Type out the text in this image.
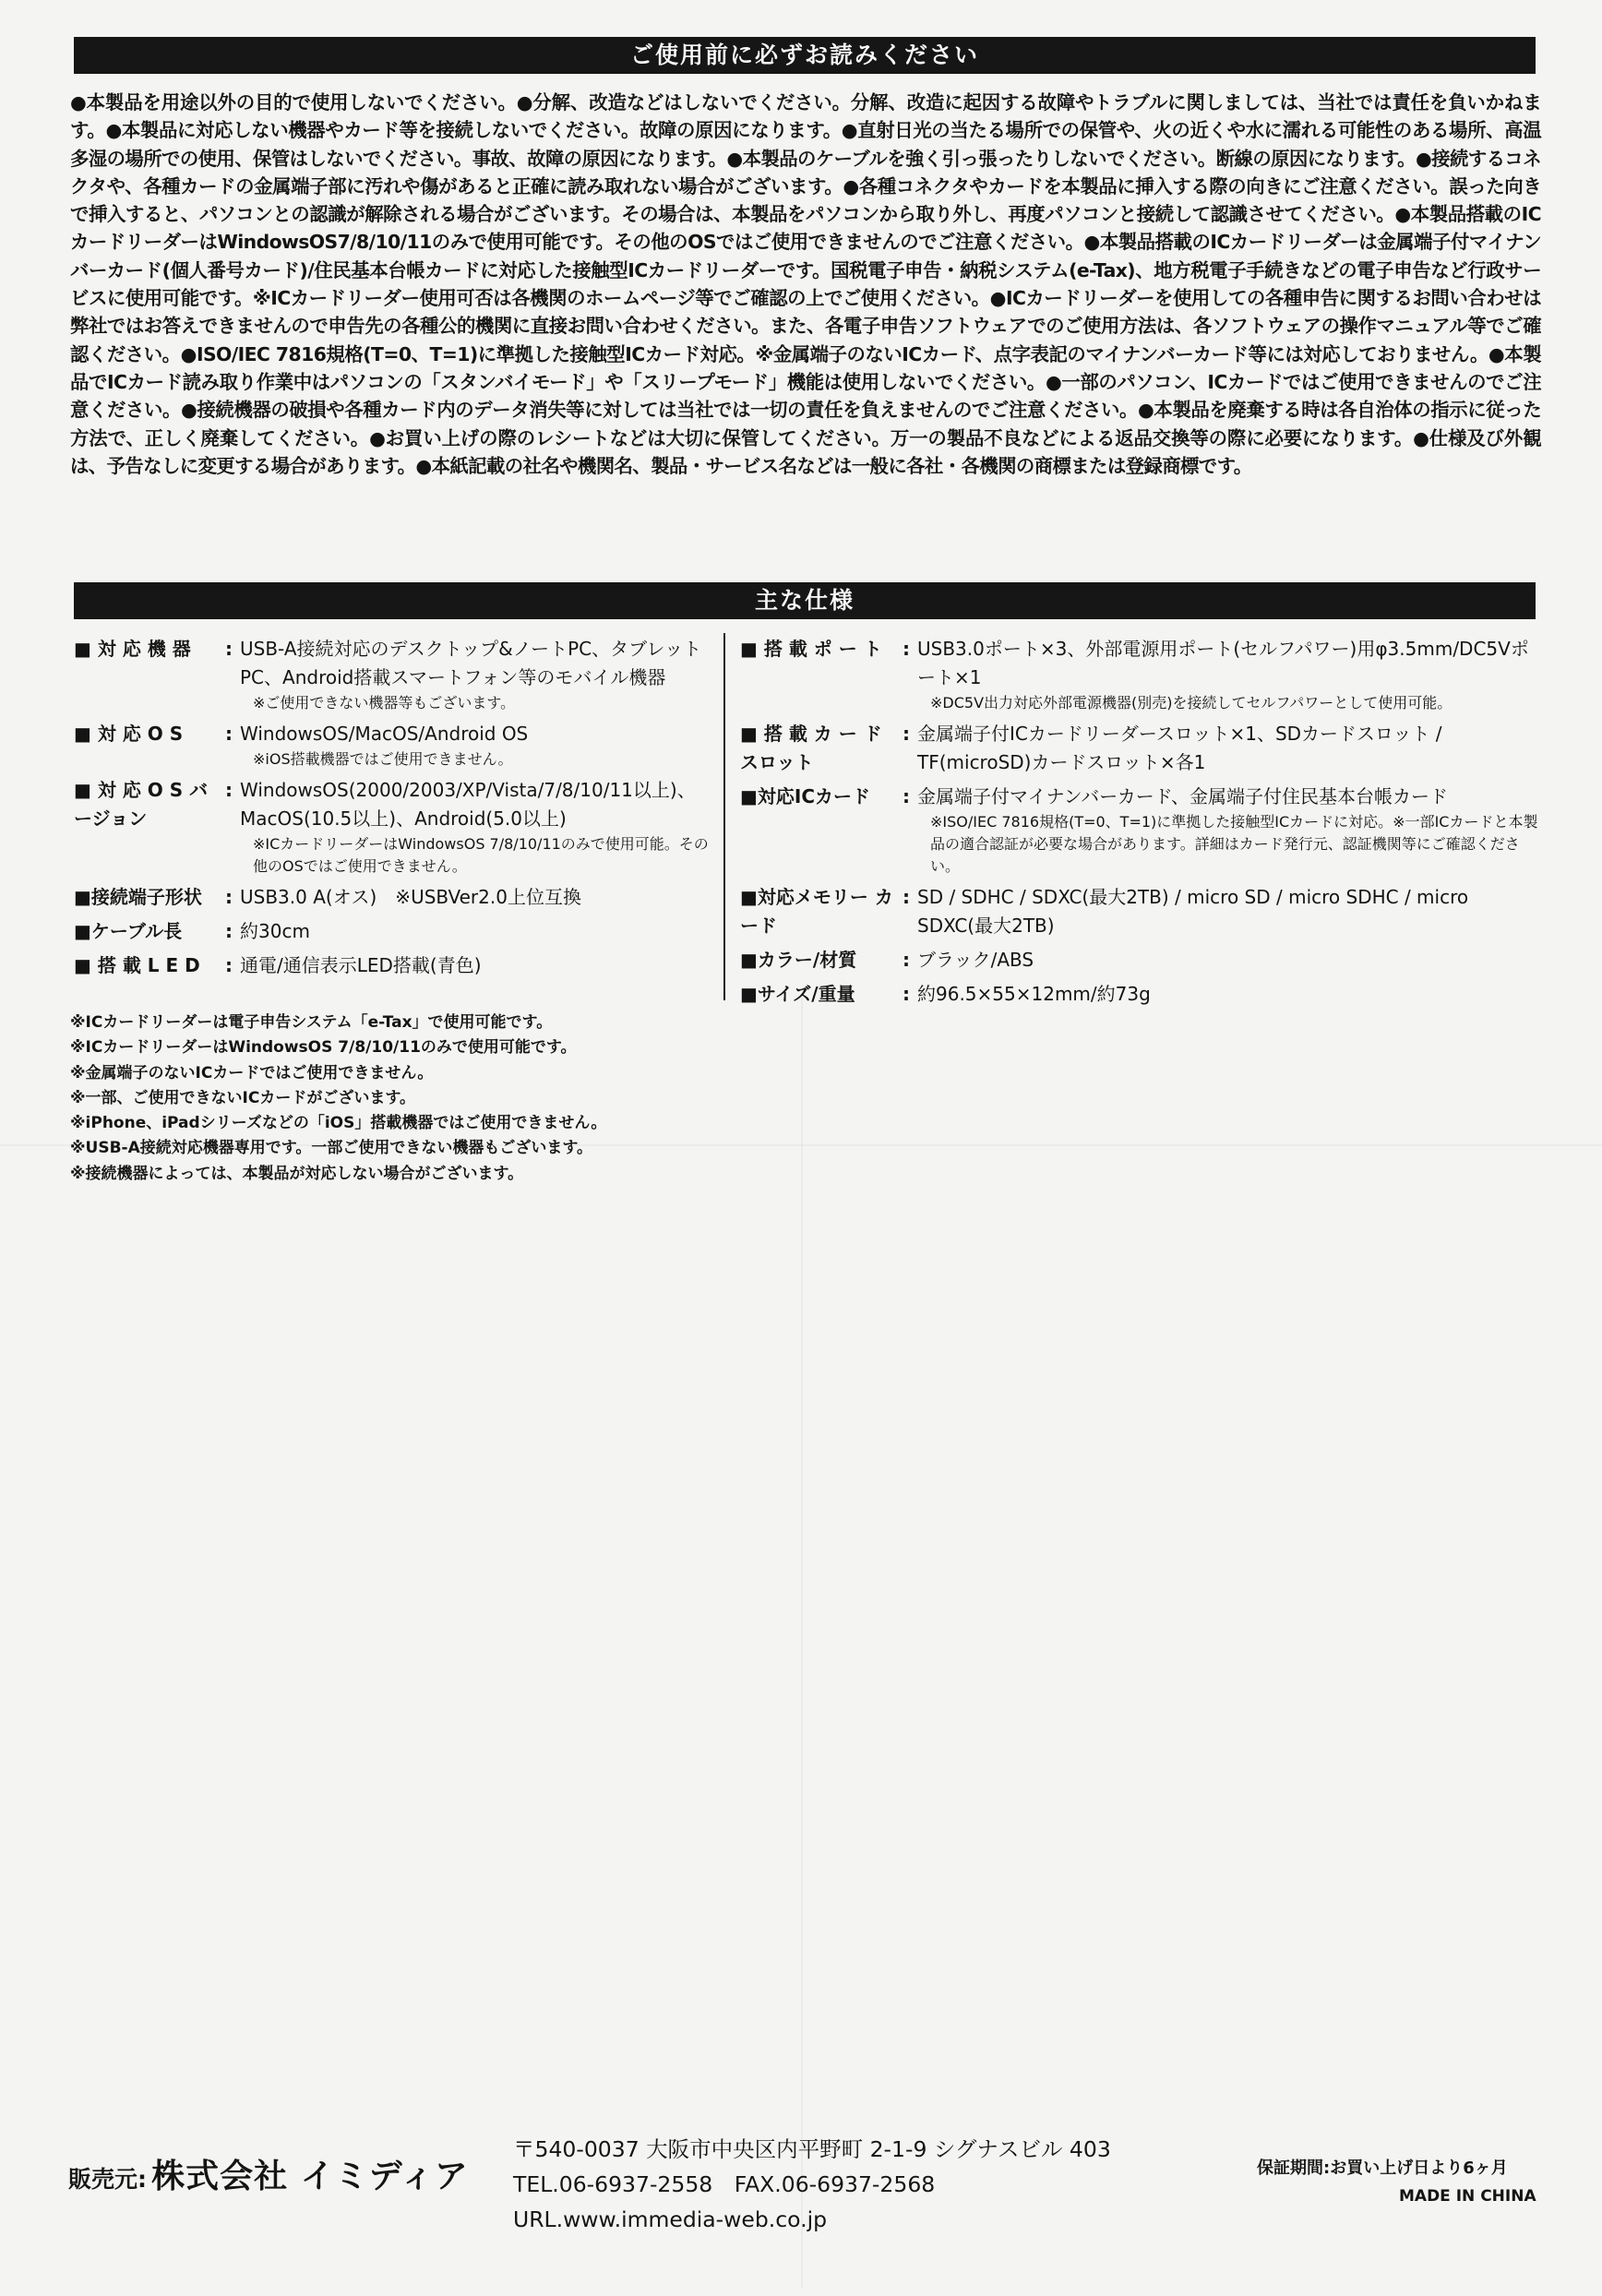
ご使用前に必ずお読みください

●本製品を用途以外の目的で使用しないでください。●分解、改造などはしないでください。分解、改造に起因する故障やトラブルに関しましては、当社では責任を負いかねます。●本製品に対応しない機器やカード等を接続しないでください。故障の原因になります。●直射日光の当たる場所での保管や、火の近くや水に濡れる可能性のある場所、高温多湿の場所での使用、保管はしないでください。事故、故障の原因になります。●本製品のケーブルを強く引っ張ったりしないでください。断線の原因になります。●接続するコネクタや、各種カードの金属端子部に汚れや傷があると正確に読み取れない場合がございます。●各種コネクタやカードを本製品に挿入する際の向きにご注意ください。誤った向きで挿入すると、パソコンとの認識が解除される場合がございます。その場合は、本製品をパソコンから取り外し、再度パソコンと接続して認識させてください。●本製品搭載のICカードリーダーはWindowsOS7/8/10/11のみで使用可能です。その他のOSではご使用できませんのでご注意ください。●本製品搭載のICカードリーダーは金属端子付マイナンバーカード(個人番号カード)/住民基本台帳カードに対応した接触型ICカードリーダーです。国税電子申告・納税システム(e-Tax)、地方税電子手続きなどの電子申告など行政サービスに使用可能です。※ICカードリーダー使用可否は各機関のホームページ等でご確認の上でご使用ください。●ICカードリーダーを使用しての各種申告に関するお問い合わせは弊社ではお答えできませんので申告先の各種公的機関に直接お問い合わせください。また、各電子申告ソフトウェアでのご使用方法は、各ソフトウェアの操作マニュアル等でご確認ください。●ISO/IEC 7816規格(T=0、T=1)に準拠した接触型ICカード対応。※金属端子のないICカード、点字表記のマイナンバーカード等には対応しておりません。●本製品でICカード読み取り作業中はパソコンの「スタンバイモード」や「スリープモード」機能は使用しないでください。●一部のパソコン、ICカードではご使用できませんのでご注意ください。●接続機器の破損や各種カード内のデータ消失等に対しては当社では一切の責任を負えませんのでご注意ください。●本製品を廃棄する時は各自治体の指示に従った方法で、正しく廃棄してください。●お買い上げの際のレシートなどは大切に保管してください。万一の製品不良などによる返品交換等の際に必要になります。●仕様及び外観は、予告なしに変更する場合があります。●本紙記載の社名や機関名、製品・サービス名などは一般に各社・各機関の商標または登録商標です。

主な仕様
■ 対 応 機 器	: USB-A接続対応のデスクトップ&ノートPC、タブレットPC、Android搭載スマートフォン等のモバイル機器
※ご使用できない機器等もございます。
■ 対 応 O S	: WindowsOS/MacOS/Android OS
※iOS搭載機器ではご使用できません。
■ 対 応 O S バージョン
: WindowsOS(2000/2003/XP/Vista/7/8/10/11以上)、MacOS(10.5以上)、Android(5.0以上)
※ICカードリーダーはWindowsOS 7/8/10/11のみで使用可能。その他のOSではご使用できません。
■接続端子形状	: USB3.0 A(オス)　※USBVer2.0上位互換
■ケーブル長	: 約30cm
■ 搭 載 L E D	: 通電/通信表示LED搭載(青色)
■ 搭 載 ポ ー ト	: USB3.0ポート×3、外部電源用ポート(セルフパワー)用φ3.5mm/DC5Vポート×1
※DC5V出力対応外部電源機器(別売)を接続してセルフパワーとして使用可能。
■ 搭 載 カ ー ド スロット
: 金属端子付ICカードリーダースロット×1、SDカードスロット / TF(microSD)カードスロット×各1
■対応ICカード	: 金属端子付マイナンバーカード、金属端子付住民基本台帳カード
※ISO/IEC 7816規格(T=0、T=1)に準拠した接触型ICカードに対応。※一部ICカードと本製品の適合認証が必要な場合があります。詳細はカード発行元、認証機関等にご確認ください。
■対応メモリー カード
: SD / SDHC / SDXC(最大2TB) / micro SD / micro SDHC / micro SDXC(最大2TB)
■カラー/材質	: ブラック/ABS
■サイズ/重量	: 約96.5×55×12mm/約73g
※ICカードリーダーは電子申告システム「e-Tax」で使用可能です。
※ICカードリーダーはWindowsOS 7/8/10/11のみで使用可能です。
※金属端子のないICカードではご使用できません。
※一部、ご使用できないICカードがございます。
※iPhone、iPadシリーズなどの「iOS」搭載機器ではご使用できません。
※USB-A接続対応機器専用です。一部ご使用できない機器もございます。
※接続機器によっては、本製品が対応しない場合がございます。
販売元: 株式会社 イミディア
〒540-0037 大阪市中央区内平野町 2-1-9 シグナスビル 403
TEL.06-6937-2558　FAX.06-6937-2568
URL.www.immedia-web.co.jp
保証期間:お買い上げ日より6ヶ月
MADE IN CHINA
